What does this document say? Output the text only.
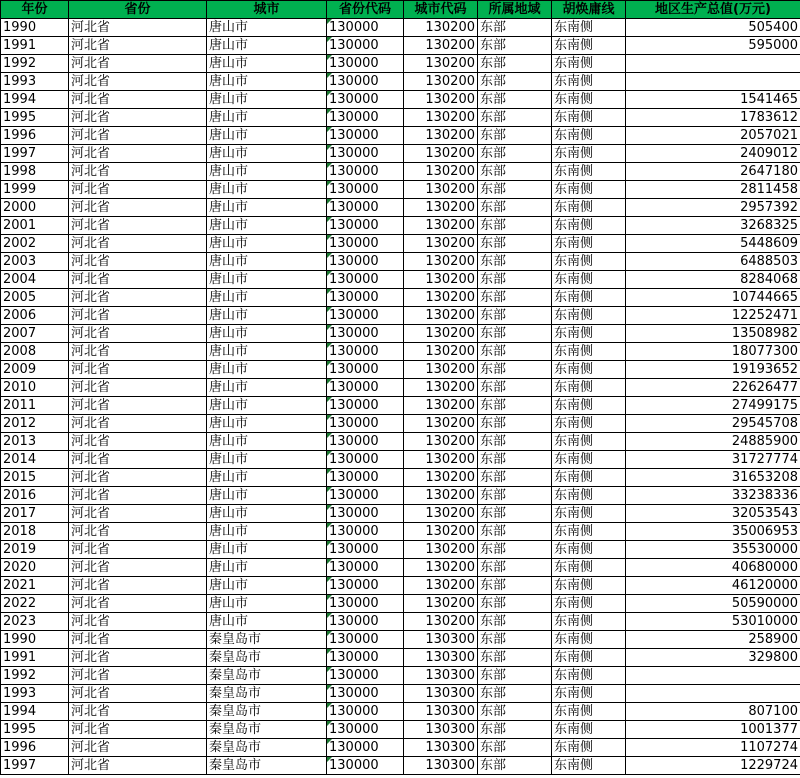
年份	省份	城市	省份代码	城市代码	所属地域	胡焕庸线	地区生产总值(万元)
1990	河北省	唐山市	130000	130200	东部	东南侧	505400
1991	河北省	唐山市	130000	130200	东部	东南侧	595000
1992	河北省	唐山市	130000	130200	东部	东南侧	
1993	河北省	唐山市	130000	130200	东部	东南侧	
1994	河北省	唐山市	130000	130200	东部	东南侧	1541465
1995	河北省	唐山市	130000	130200	东部	东南侧	1783612
1996	河北省	唐山市	130000	130200	东部	东南侧	2057021
1997	河北省	唐山市	130000	130200	东部	东南侧	2409012
1998	河北省	唐山市	130000	130200	东部	东南侧	2647180
1999	河北省	唐山市	130000	130200	东部	东南侧	2811458
2000	河北省	唐山市	130000	130200	东部	东南侧	2957392
2001	河北省	唐山市	130000	130200	东部	东南侧	3268325
2002	河北省	唐山市	130000	130200	东部	东南侧	5448609
2003	河北省	唐山市	130000	130200	东部	东南侧	6488503
2004	河北省	唐山市	130000	130200	东部	东南侧	8284068
2005	河北省	唐山市	130000	130200	东部	东南侧	10744665
2006	河北省	唐山市	130000	130200	东部	东南侧	12252471
2007	河北省	唐山市	130000	130200	东部	东南侧	13508982
2008	河北省	唐山市	130000	130200	东部	东南侧	18077300
2009	河北省	唐山市	130000	130200	东部	东南侧	19193652
2010	河北省	唐山市	130000	130200	东部	东南侧	22626477
2011	河北省	唐山市	130000	130200	东部	东南侧	27499175
2012	河北省	唐山市	130000	130200	东部	东南侧	29545708
2013	河北省	唐山市	130000	130200	东部	东南侧	24885900
2014	河北省	唐山市	130000	130200	东部	东南侧	31727774
2015	河北省	唐山市	130000	130200	东部	东南侧	31653208
2016	河北省	唐山市	130000	130200	东部	东南侧	33238336
2017	河北省	唐山市	130000	130200	东部	东南侧	32053543
2018	河北省	唐山市	130000	130200	东部	东南侧	35006953
2019	河北省	唐山市	130000	130200	东部	东南侧	35530000
2020	河北省	唐山市	130000	130200	东部	东南侧	40680000
2021	河北省	唐山市	130000	130200	东部	东南侧	46120000
2022	河北省	唐山市	130000	130200	东部	东南侧	50590000
2023	河北省	唐山市	130000	130200	东部	东南侧	53010000
1990	河北省	秦皇岛市	130000	130300	东部	东南侧	258900
1991	河北省	秦皇岛市	130000	130300	东部	东南侧	329800
1992	河北省	秦皇岛市	130000	130300	东部	东南侧	
1993	河北省	秦皇岛市	130000	130300	东部	东南侧	
1994	河北省	秦皇岛市	130000	130300	东部	东南侧	807100
1995	河北省	秦皇岛市	130000	130300	东部	东南侧	1001377
1996	河北省	秦皇岛市	130000	130300	东部	东南侧	1107274
1997	河北省	秦皇岛市	130000	130300	东部	东南侧	1229724
